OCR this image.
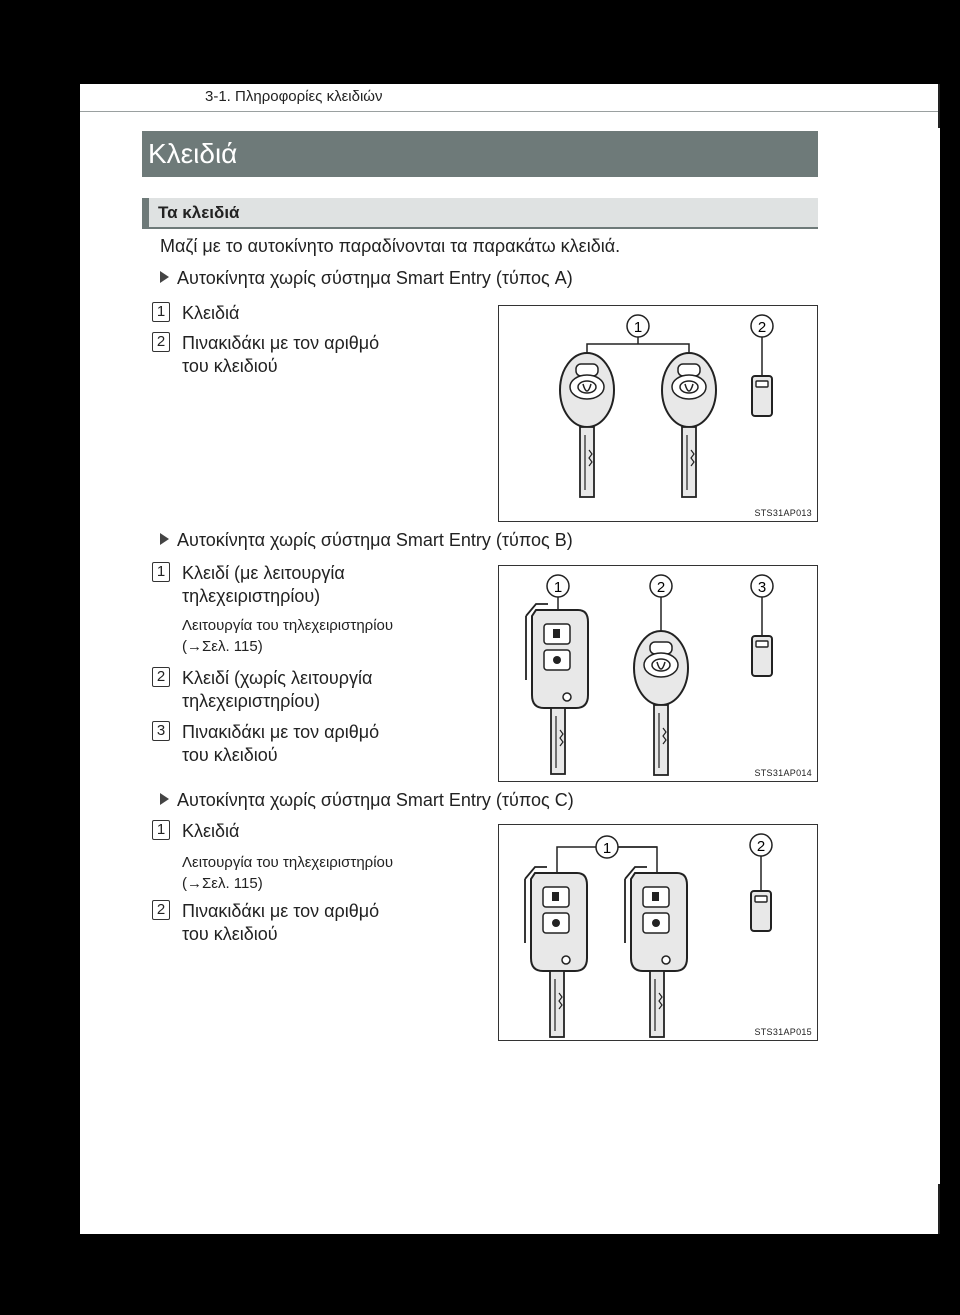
3-1. Πληροφορίες κλειδιών
Κλειδιά
Τα κλειδιά
Μαζί με το αυτοκίνητο παραδίνονται τα παρακάτω κλειδιά.
Αυτοκίνητα χωρίς σύστημα Smart Entry (τύπος A)
1 Κλειδιά
2 Πινακιδάκι με τον αριθμό
του κλειδιού
1	2
STS31AP013
Αυτοκίνητα χωρίς σύστημα Smart Entry (τύπος B)
1 Κλειδί (με λειτουργία
τηλεχειριστηρίου)
Λειτουργία του τηλεχειριστηρίου
(→Σελ. 115)
2 Κλειδί (χωρίς λειτουργία
τηλεχειριστηρίου)
3 Πινακιδάκι με τον αριθμό
του κλειδιού
1	2	3
STS31AP014
Αυτοκίνητα χωρίς σύστημα Smart Entry (τύπος C)
1 Κλειδιά
Λειτουργία του τηλεχειριστηρίου
(→Σελ. 115)
2 Πινακιδάκι με τον αριθμό
του κλειδιού
1	2
STS31AP015
